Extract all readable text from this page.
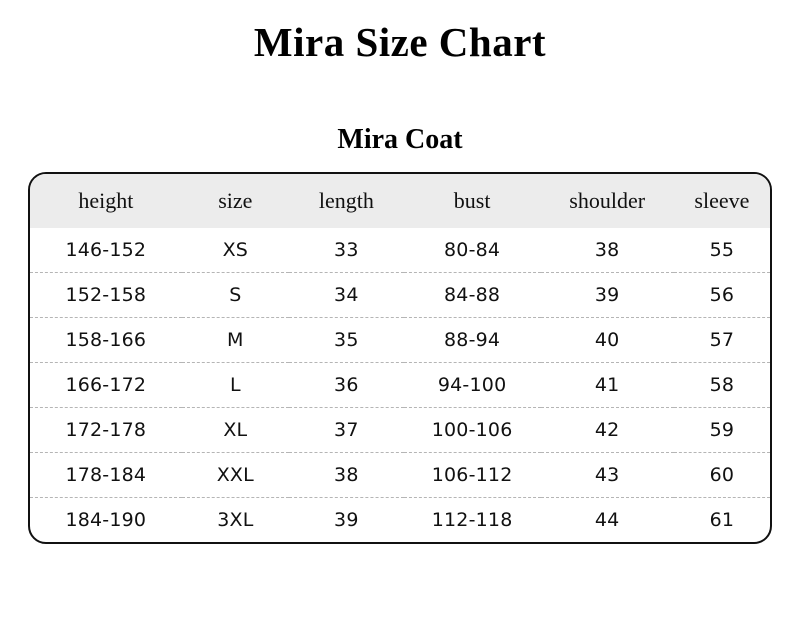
Mira Size Chart
Mira Coat
height	size	length	bust	shoulder	sleeve
146-152	XS	33	80-84	38	55
152-158	S	34	84-88	39	56
158-166	M	35	88-94	40	57
166-172	L	36	94-100	41	58
172-178	XL	37	100-106	42	59
178-184	XXL	38	106-112	43	60
184-190	3XL	39	112-118	44	61
